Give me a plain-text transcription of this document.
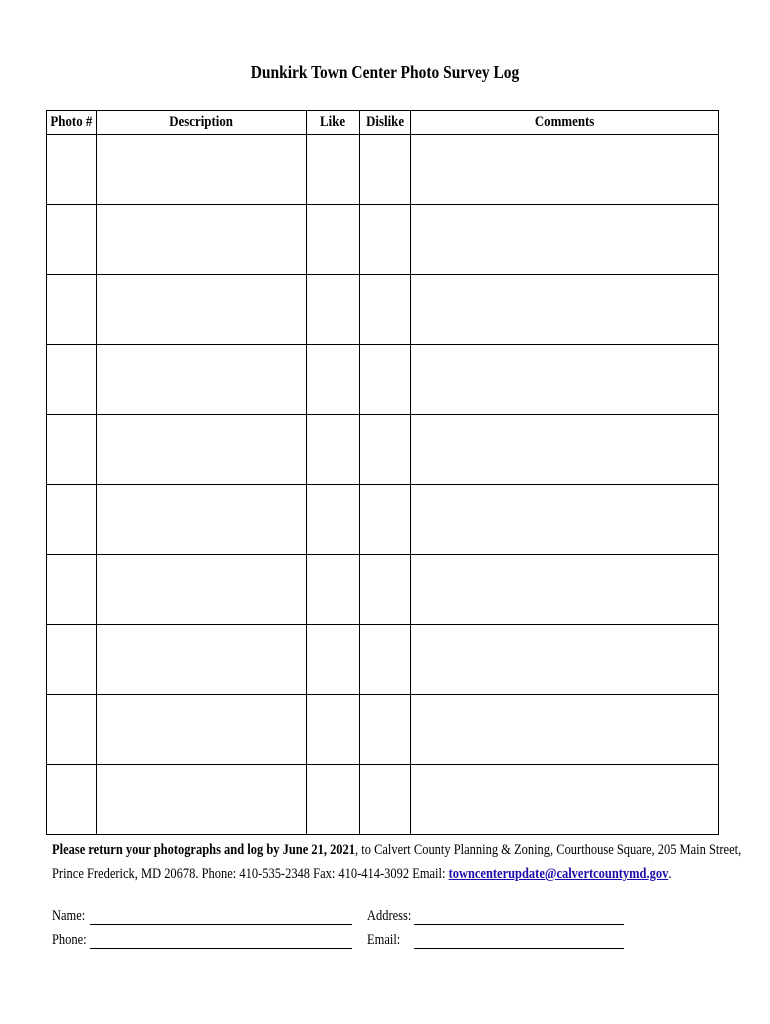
Dunkirk Town Center Photo Survey Log
Photo #	Description	Like	Dislike	Comments

Please return your photographs and log by June 21, 2021, to Calvert County Planning & Zoning, Courthouse Square, 205 Main Street,
Prince Frederick, MD 20678. Phone: 410-535-2348 Fax: 410-414-3092 Email: towncenterupdate@calvertcountymd.gov.
Name:
Phone:
Address:
Email:
